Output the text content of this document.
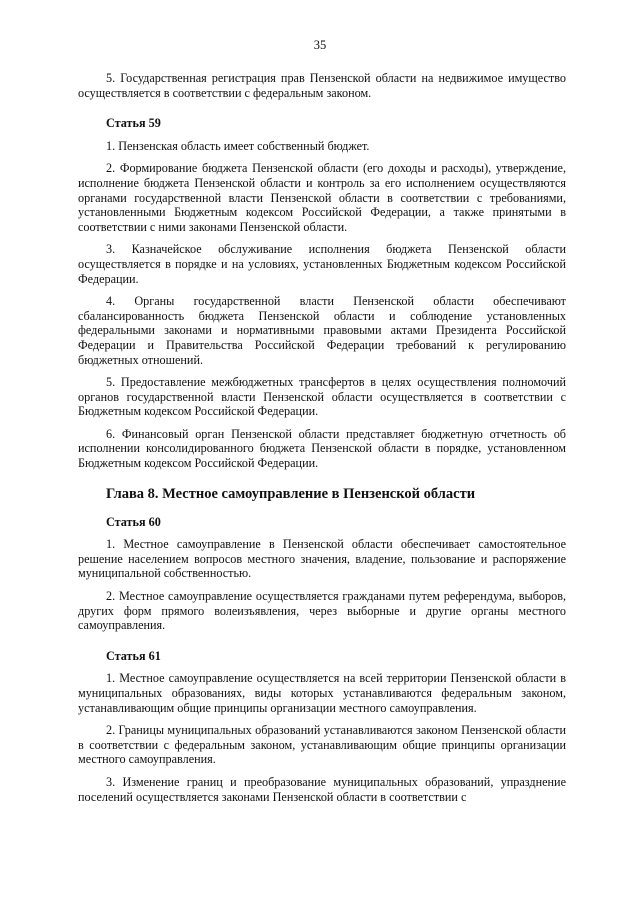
35

5. Государственная регистрация прав Пензенской области на недвижимое имущество осуществляется в соответствии с федеральным законом.

Статья 59

1. Пензенская область имеет собственный бюджет.

2. Формирование бюджета Пензенской области (его доходы и расходы), утверждение, исполнение бюджета Пензенской области и контроль за его исполнением осуществляются органами государственной власти Пензенской области в соответствии с требованиями, установленными Бюджетным кодексом Российской Федерации, а также принятыми в соответствии с ними законами Пензенской области.

3. Казначейское обслуживание исполнения бюджета Пензенской области осуществляется в порядке и на условиях, установленных Бюджетным кодексом Российской Федерации.

4. Органы государственной власти Пензенской области обеспечивают сбалансированность бюджета Пензенской области и соблюдение установленных федеральными законами и нормативными правовыми актами Президента Российской Федерации и Правительства Российской Федерации требований к регулированию бюджетных отношений.

5. Предоставление межбюджетных трансфертов в целях осуществления полномочий органов государственной власти Пензенской области осуществляется в соответствии с Бюджетным кодексом Российской Федерации.

6. Финансовый орган Пензенской области представляет бюджетную отчетность об исполнении консолидированного бюджета Пензенской области в порядке, установленном Бюджетным кодексом Российской Федерации.

Глава 8. Местное самоуправление в Пензенской области
Статья 60

1. Местное самоуправление в Пензенской области обеспечивает самостоятельное решение населением вопросов местного значения, владение, пользование и распоряжение муниципальной собственностью.

2. Местное самоуправление осуществляется гражданами путем референдума, выборов, других форм прямого волеизъявления, через выборные и другие органы местного самоуправления.

Статья 61

1. Местное самоуправление осуществляется на всей территории Пензенской области в муниципальных образованиях, виды которых устанавливаются федеральным законом, устанавливающим общие принципы организации местного самоуправления.

2. Границы муниципальных образований устанавливаются законом Пензенской области в соответствии с федеральным законом, устанавливающим общие принципы организации местного самоуправления.

3. Изменение границ и преобразование муниципальных образований, упразднение поселений осуществляется законами Пензенской области в соответствии с
